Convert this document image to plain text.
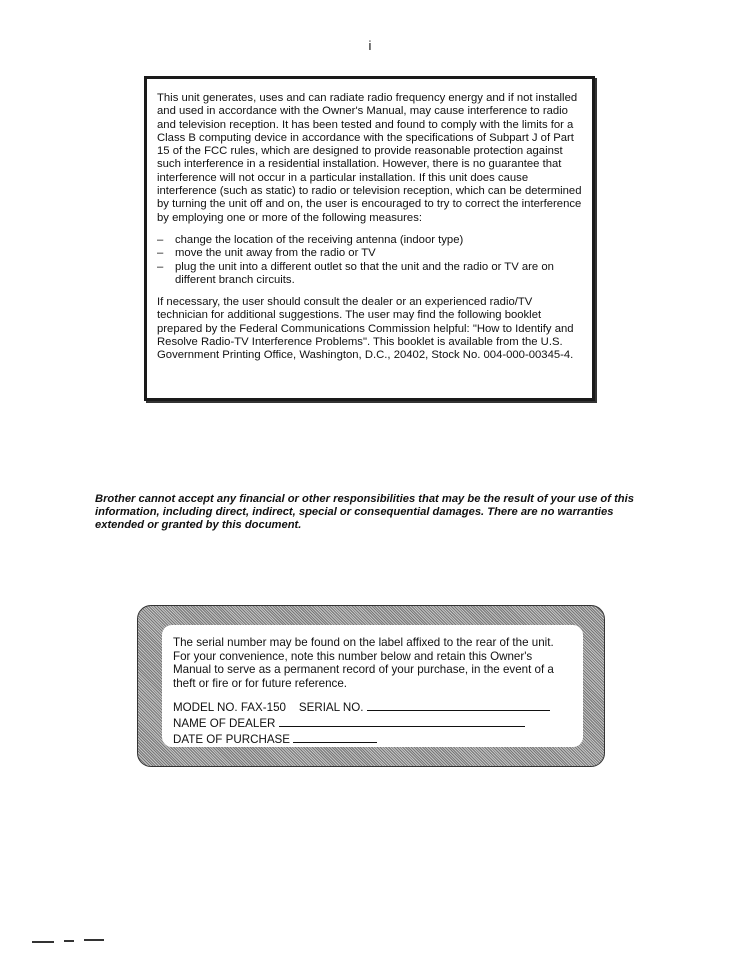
i

This unit generates, uses and can radiate radio frequency energy and if not installed and used in accordance with the Owner's Manual, may cause interference to radio and television reception. It has been tested and found to comply with the limits for a Class B computing device in accordance with the specifications of Subpart J of Part 15 of the FCC rules, which are designed to provide reasonable protection against such interference in a residential installation. However, there is no guarantee that interference will not occur in a particular installation. If this unit does cause interference (such as static) to radio or television reception, which can be determined by turning the unit off and on, the user is encouraged to try to correct the interference by employing one or more of the following measures:

– change the location of the receiving antenna (indoor type)
– move the unit away from the radio or TV
– plug the unit into a different outlet so that the unit and the radio or TV are on different branch circuits.

If necessary, the user should consult the dealer or an experienced radio/TV technician for additional suggestions. The user may find the following booklet prepared by the Federal Communications Commission helpful: "How to Identify and Resolve Radio-TV Interference Problems". This booklet is available from the U.S. Government Printing Office, Washington, D.C., 20402, Stock No. 004-000-00345-4.

Brother cannot accept any financial or other responsibilities that may be the result of your use of this information, including direct, indirect, special or consequential damages. There are no warranties extended or granted by this document.

The serial number may be found on the label affixed to the rear of the unit. For your convenience, note this number below and retain this Owner's Manual to serve as a permanent record of your purchase, in the event of a theft or fire or for future reference.

MODEL NO. FAX-150 SERIAL NO.
NAME OF DEALER
DATE OF PURCHASE
